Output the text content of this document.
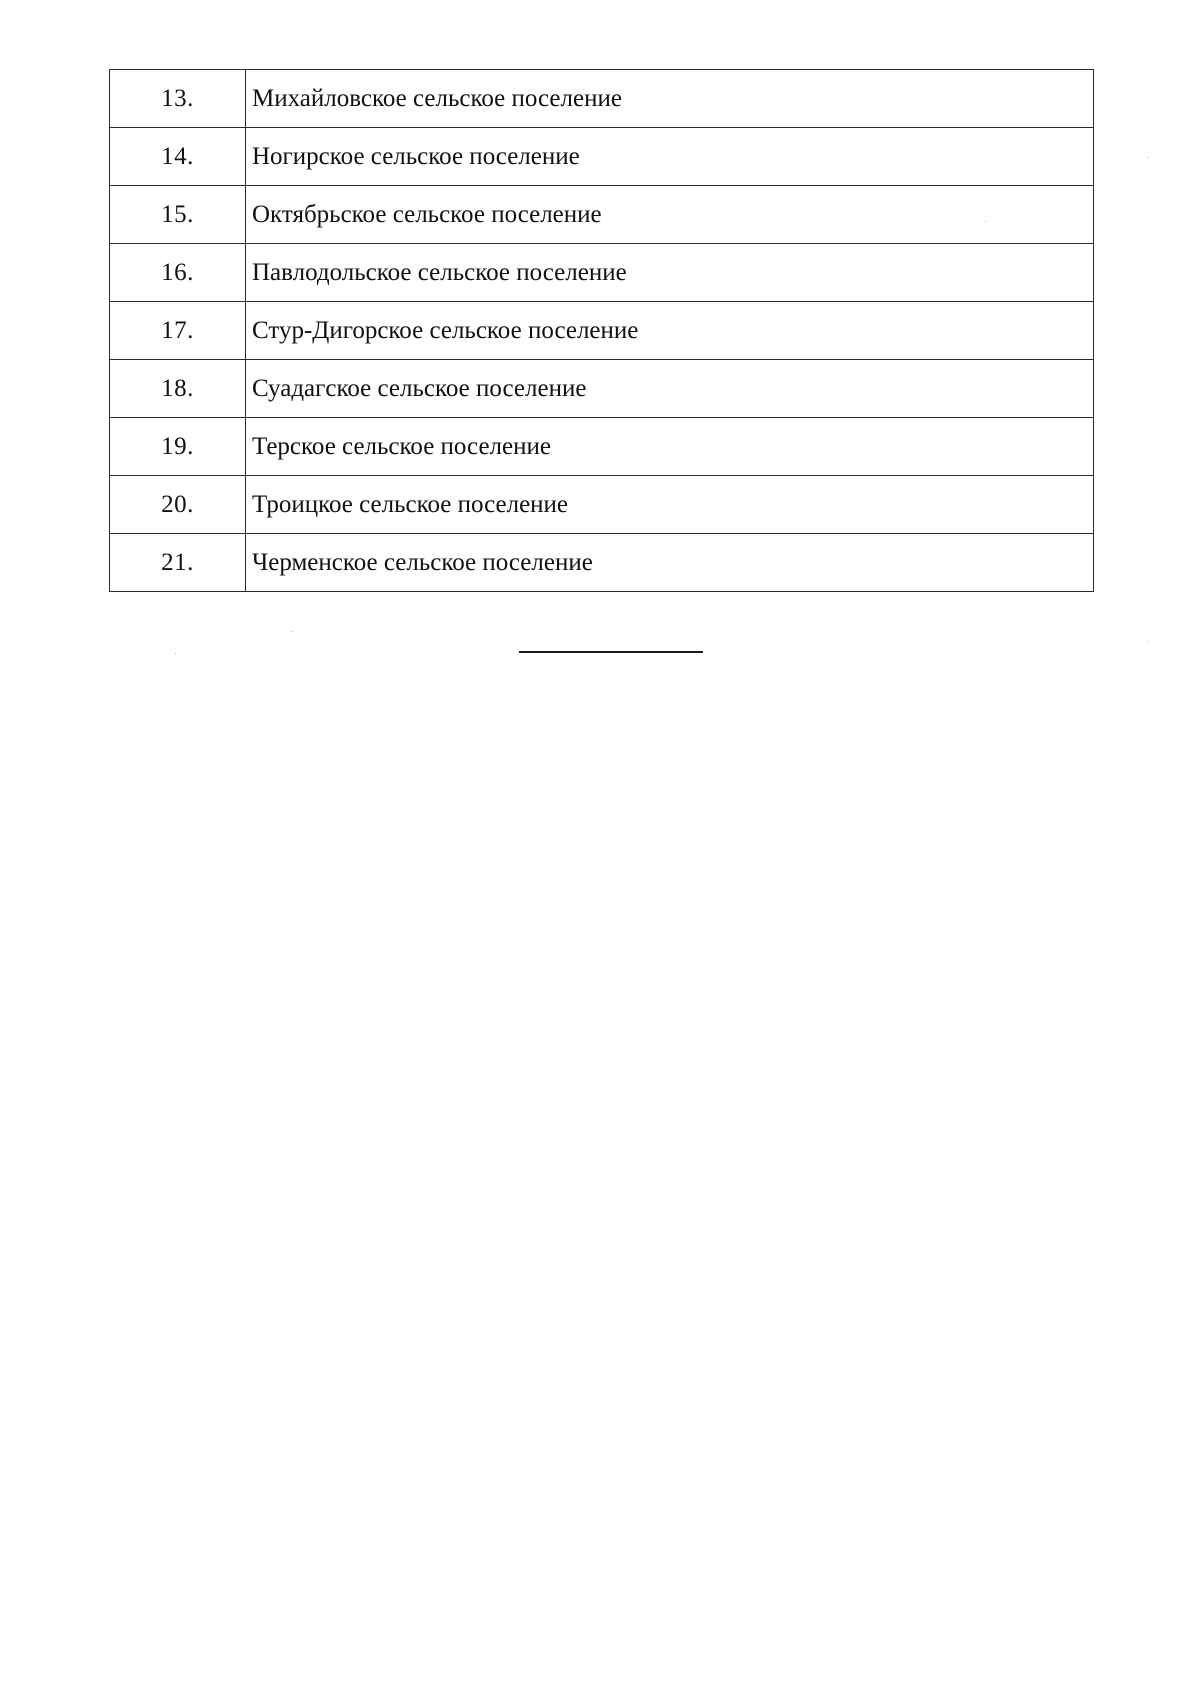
13.	Михайловское сельское поселение
14.	Ногирское сельское поселение
15.	Октябрьское сельское поселение
16.	Павлодольское сельское поселение
17.	Стур-Дигорское сельское поселение
18.	Суадагское сельское поселение
19.	Терское сельское поселение
20.	Троицкое сельское поселение
21.	Черменское сельское поселение
